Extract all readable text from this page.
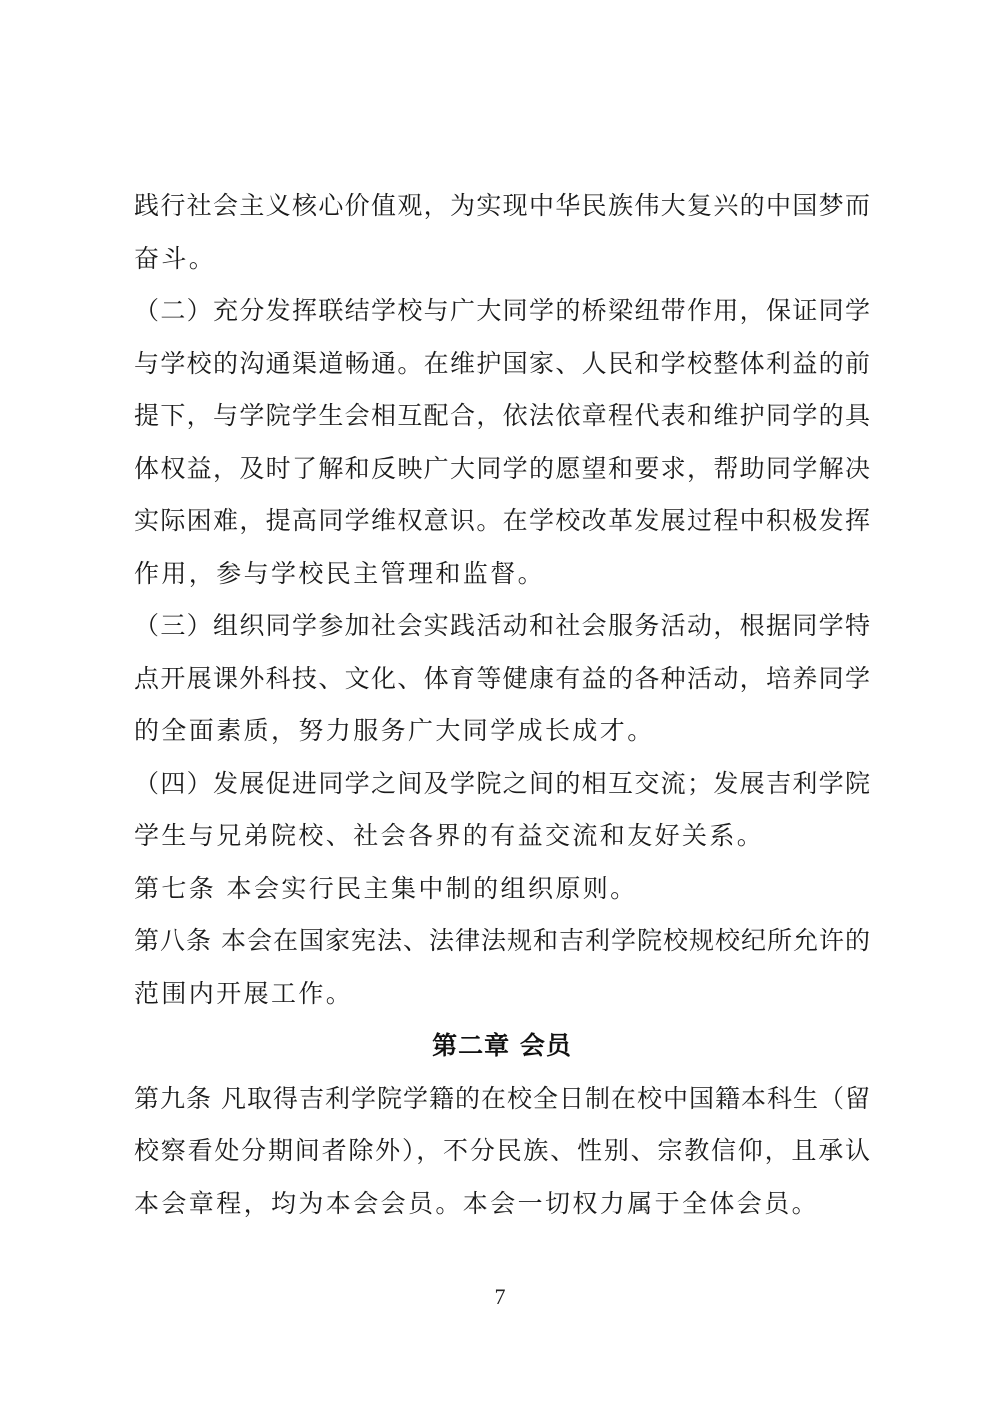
践行社会主义核心价值观，为实现中华民族伟大复兴的中国梦而
奋斗。
（二）充分发挥联结学校与广大同学的桥梁纽带作用，保证同学
与学校的沟通渠道畅通。在维护国家、人民和学校整体利益的前
提下，与学院学生会相互配合，依法依章程代表和维护同学的具
体权益，及时了解和反映广大同学的愿望和要求，帮助同学解决
实际困难，提高同学维权意识。在学校改革发展过程中积极发挥
作用，参与学校民主管理和监督。
（三）组织同学参加社会实践活动和社会服务活动，根据同学特
点开展课外科技、文化、体育等健康有益的各种活动，培养同学
的全面素质，努力服务广大同学成长成才。
（四）发展促进同学之间及学院之间的相互交流；发展吉利学院
学生与兄弟院校、社会各界的有益交流和友好关系。
第七条 本会实行民主集中制的组织原则。
第八条 本会在国家宪法、法律法规和吉利学院校规校纪所允许的
范围内开展工作。
第二章 会员
第九条 凡取得吉利学院学籍的在校全日制在校中国籍本科生（留
校察看处分期间者除外），不分民族、性别、宗教信仰，且承认
本会章程，均为本会会员。本会一切权力属于全体会员。
7
